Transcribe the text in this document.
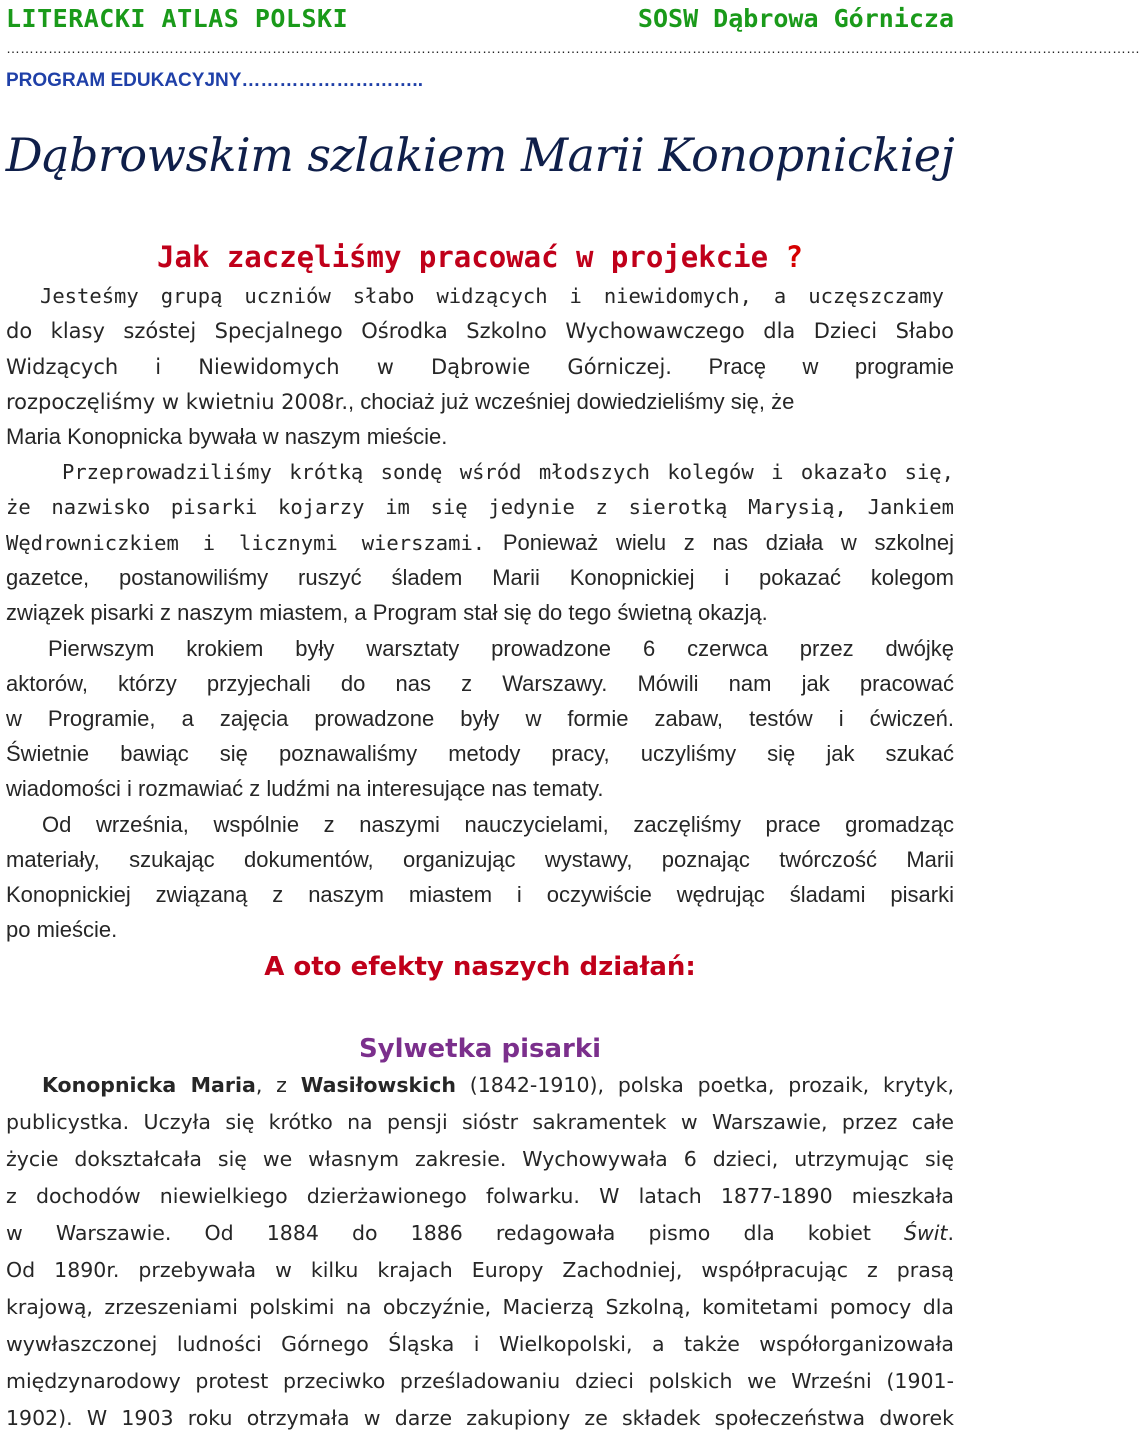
LITERACKI ATLAS POLSKI	SOSW Dąbrowa Górnicza
………………………………………………………………………………………………………………………………………………………………………………………………………………………
PROGRAM EDUKACYJNY………………………..
Dąbrowskim szlakiem Marii Konopnickiej
Jak zaczęliśmy pracować w projekcie ?
Jesteśmy grupą uczniów słabo widzących i niewidomych, a uczęszczamy
do klasy szóstej Specjalnego Ośrodka Szkolno Wychowawczego dla Dzieci Słabo
Widzących i Niewidomych w Dąbrowie Górniczej. Pracę w programie
rozpoczęliśmy w kwietniu 2008r., chociaż już wcześniej dowiedzieliśmy się, że
Maria Konopnicka bywała w naszym mieście.
Przeprowadziliśmy krótką sondę wśród młodszych kolegów i okazało się,
że nazwisko pisarki kojarzy im się jedynie z sierotką Marysią, Jankiem
Wędrowniczkiem i licznymi wierszami. Ponieważ wielu z nas działa w szkolnej
gazetce, postanowiliśmy ruszyć śladem Marii Konopnickiej i pokazać kolegom
związek pisarki z naszym miastem, a Program stał się do tego świetną okazją.
Pierwszym krokiem były warsztaty prowadzone 6 czerwca przez dwójkę
aktorów, którzy przyjechali do nas z Warszawy. Mówili nam jak pracować
w Programie, a zajęcia prowadzone były w formie zabaw, testów i ćwiczeń.
Świetnie bawiąc się poznawaliśmy metody pracy, uczyliśmy się jak szukać
wiadomości i rozmawiać z ludźmi na interesujące nas tematy.
Od września, wspólnie z naszymi nauczycielami, zaczęliśmy prace gromadząc
materiały, szukając dokumentów, organizując wystawy, poznając twórczość Marii
Konopnickiej związaną z naszym miastem i oczywiście wędrując śladami pisarki
po mieście.
A oto efekty naszych działań:
Sylwetka pisarki
Konopnicka Maria, z Wasiłowskich (1842-1910), polska poetka, prozaik, krytyk,
publicystka. Uczyła się krótko na pensji sióstr sakramentek w Warszawie, przez całe
życie dokształcała się we własnym zakresie. Wychowywała 6 dzieci, utrzymując się
z dochodów niewielkiego dzierżawionego folwarku. W latach 1877-1890 mieszkała
w Warszawie. Od 1884 do 1886 redagowała pismo dla kobiet Świt.
Od 1890r. przebywała w kilku krajach Europy Zachodniej, współpracując z prasą
krajową, zrzeszeniami polskimi na obczyźnie, Macierzą Szkolną, komitetami pomocy dla
wywłaszczonej ludności Górnego Śląska i Wielkopolski, a także współorganizowała
międzynarodowy protest przeciwko prześladowaniu dzieci polskich we Wrześni (1901-
1902). W 1903 roku otrzymała w darze zakupiony ze składek społeczeństwa dworek
